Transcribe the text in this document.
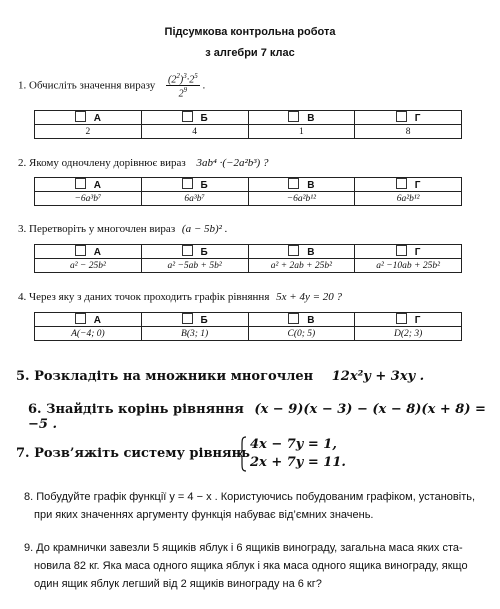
Підсумкова контрольна робота
з алгебри 7 клас
1. Обчисліть значення виразу $\frac{(2^2)^3\cdot 2^5}{2^9}$ .
А	Б	В	Г
2	4	1	8
2. Якому одночлену дорівнює вираз 3ab⁴ ·(−2a²b³) ?
А	Б	В	Г
−6a³b⁷	6a³b⁷	−6a²b¹²	6a²b¹²
3. Перетворіть у многочлен вираз (a − 5b)² .
А	Б	В	Г
a² − 25b²	a² −5ab + 5b²	a² + 2ab + 25b²	a² −10ab + 25b²
4. Через яку з даних точок проходить графік рівняння 5x + 4y = 20 ?
А	Б	В	Г
A(−4; 0)	B(3; 1)	C(0; 5)	D(2; 3)
5. Розкладіть на множники многочлен 12x²y + 3xy .
6. Знайдіть корінь рівняння (x − 9)(x − 3) − (x − 8)(x + 8) = −5 .
7. Розв’яжіть систему рівнянь
4x − 7y = 1,
2x + 7y = 11.
8. Побудуйте графік функції y = 4 − x . Користуючись побудованим графіком, установіть,
при яких значеннях аргументу функція набуває від’ємних значень.
9. До крамнички завезли 5 ящиків яблук і 6 ящиків винограду, загальна маса яких ста-
новила 82 кг. Яка маса одного ящика яблук і яка маса одного ящика винограду, якщо
один ящик яблук легший від 2 ящиків винограду на 6 кг?
